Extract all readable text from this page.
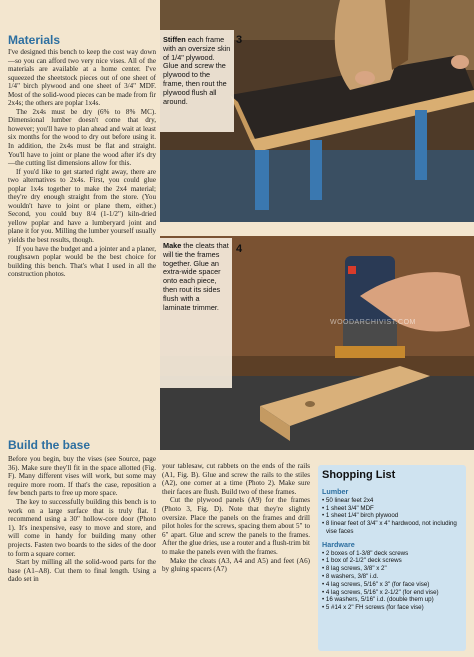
Materials

I've designed this bench to keep the cost way down—so you can afford two very nice vises. All of the materials are available at a home center. I've squeezed the sheetstock pieces out of one sheet of 1/4" birch plywood and one sheet of 3/4" MDF. Most of the solid-wood pieces can be made from fir 2x4s; the others are poplar 1x4s.

The 2x4s must be dry (6% to 8% MC). Dimensional lumber doesn't come that dry, however; you'll have to plan ahead and wait at least six months for the wood to dry out before using it. In addition, the 2x4s must be flat and straight. You'll have to joint or plane the wood after it's dry—the cutting list dimensions allow for this.

If you'd like to get started right away, there are two alternatives to 2x4s. First, you could glue poplar 1x4s together to make the 2x4 material; they're dry enough straight from the store. (You wouldn't have to joint or plane them, either.) Second, you could buy 8/4 (1-1/2") kiln-dried yellow poplar and have a lumberyard joint and plane it for you. Milling the lumber yourself usually yields the best results, though.

If you have the budget and a jointer and a planer, roughsawn poplar would be the best choice for building this bench. That's what I used in all the construction photos.

Stiffen each frame with an oversize skin of 1/4" plywood. Glue and screw the plywood to the frame, then rout the plywood flush all around.
3
Make the cleats that will tie the frames together. Glue an extra-wide spacer onto each piece, then rout its sides flush with a laminate trimmer.
4
WOODARCHIVIST.COM
Build the base

Before you begin, buy the vises (see Source, page 36). Make sure they'll fit in the space allotted (Fig. F). Many different vises will work, but some may require more room. If that's the case, reposition a few bench parts to free up more space.

The key to successfully building this bench is to work on a large surface that is truly flat. I recommend using a 30" hollow-core door (Photo 1). It's inexpensive, easy to move and store, and will come in handy for building many other projects. Fasten two boards to the sides of the door to form a square corner.

Start by milling all the solid-wood parts for the base (A1–A8). Cut them to final length. Using a dado set in

your tablesaw, cut rabbets on the ends of the rails (A1, Fig. B). Glue and screw the rails to the stiles (A2), one corner at a time (Photo 2). Make sure their faces are flush. Build two of these frames.

Cut the plywood panels (A9) for the frames (Photo 3, Fig. D). Note that they're slightly oversize. Place the panels on the frames and drill pilot holes for the screws, spacing them about 5" to 6" apart. Glue and screw the panels to the frames. After the glue dries, use a router and a flush-trim bit to make the panels even with the frames.

Make the cleats (A3, A4 and A5) and feet (A6) by gluing spacers (A7)

Shopping List
Lumber

• 50 linear feet 2x4

• 1 sheet 3/4" MDF

• 1 sheet 1/4" birch plywood

• 8 linear feet of 3/4" x 4" hardwood, not including vise faces

Hardware

• 2 boxes of 1-3/8" deck screws

• 1 box of 2-1/2" deck screws

• 8 lag screws, 3/8" x 2"

• 8 washers, 3/8" i.d.

• 4 lag screws, 5/16" x 3" (for face vise)

• 4 lag screws, 5/16" x 2-1/2" (for end vise)

• 16 washers, 5/16" i.d. (double them up)

• 5 #14 x 2" FH screws (for face vise)
